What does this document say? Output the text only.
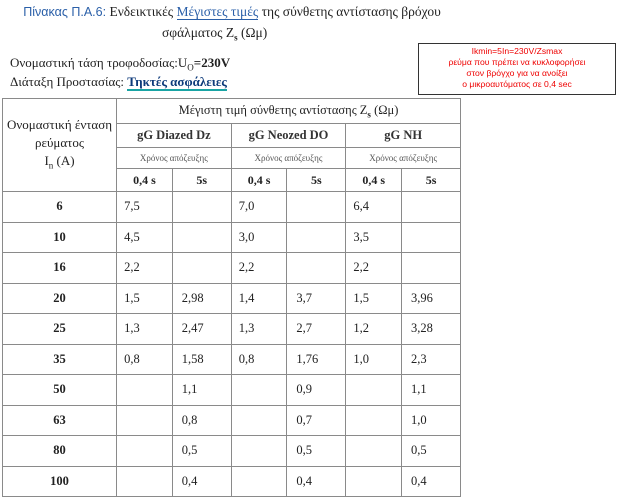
Πίνακας Π.Α.6: Ενδεικτικές Μέγιστες τιμές της σύνθετης αντίστασης βρόχου
σφάλματος $Z_s$ (Ωμ)
Ονομαστική τάση $\tau\rho o\varphi o\delta o\sigma ί\alpha\varsigma:U_O=230V$
Διάταξη Προστασίας: Τηκτές ασφάλειες
Ikmin=5In=230V/Zsmax
ρεύμα που πρέπει να κυκλοφορήσει
στον βρόγχο για να ανοίξει
ο μικροαυτόματος σε 0,4 sec
Ονομαστική ένταση
ρεύματος
$I_n$ (A)	Μέγιστη τιμή σύνθετης αντίστασης $Z_s$ (Ωμ)					
	gG Diazed Dz		gG Neozed DO		gG NH	
	Χρόνος απόζευξης		Χρόνος απόζευξης		Χρόνος απόζευξης	
	0,4 s	5s	0,4 s	5s	0,4 s	5s
6	7,5		7,0		6,4	
10	4,5		3,0		3,5	
16	2,2		2,2		2,2	
20	1,5	2,98	1,4	3,7	1,5	3,96
25	1,3	2,47	1,3	2,7	1,2	3,28
35	0,8	1,58	0,8	1,76	1,0	2,3
50		1,1		0,9		1,1
63		0,8		0,7		1,0
80		0,5		0,5		0,5
100		0,4		0,4		0,4
